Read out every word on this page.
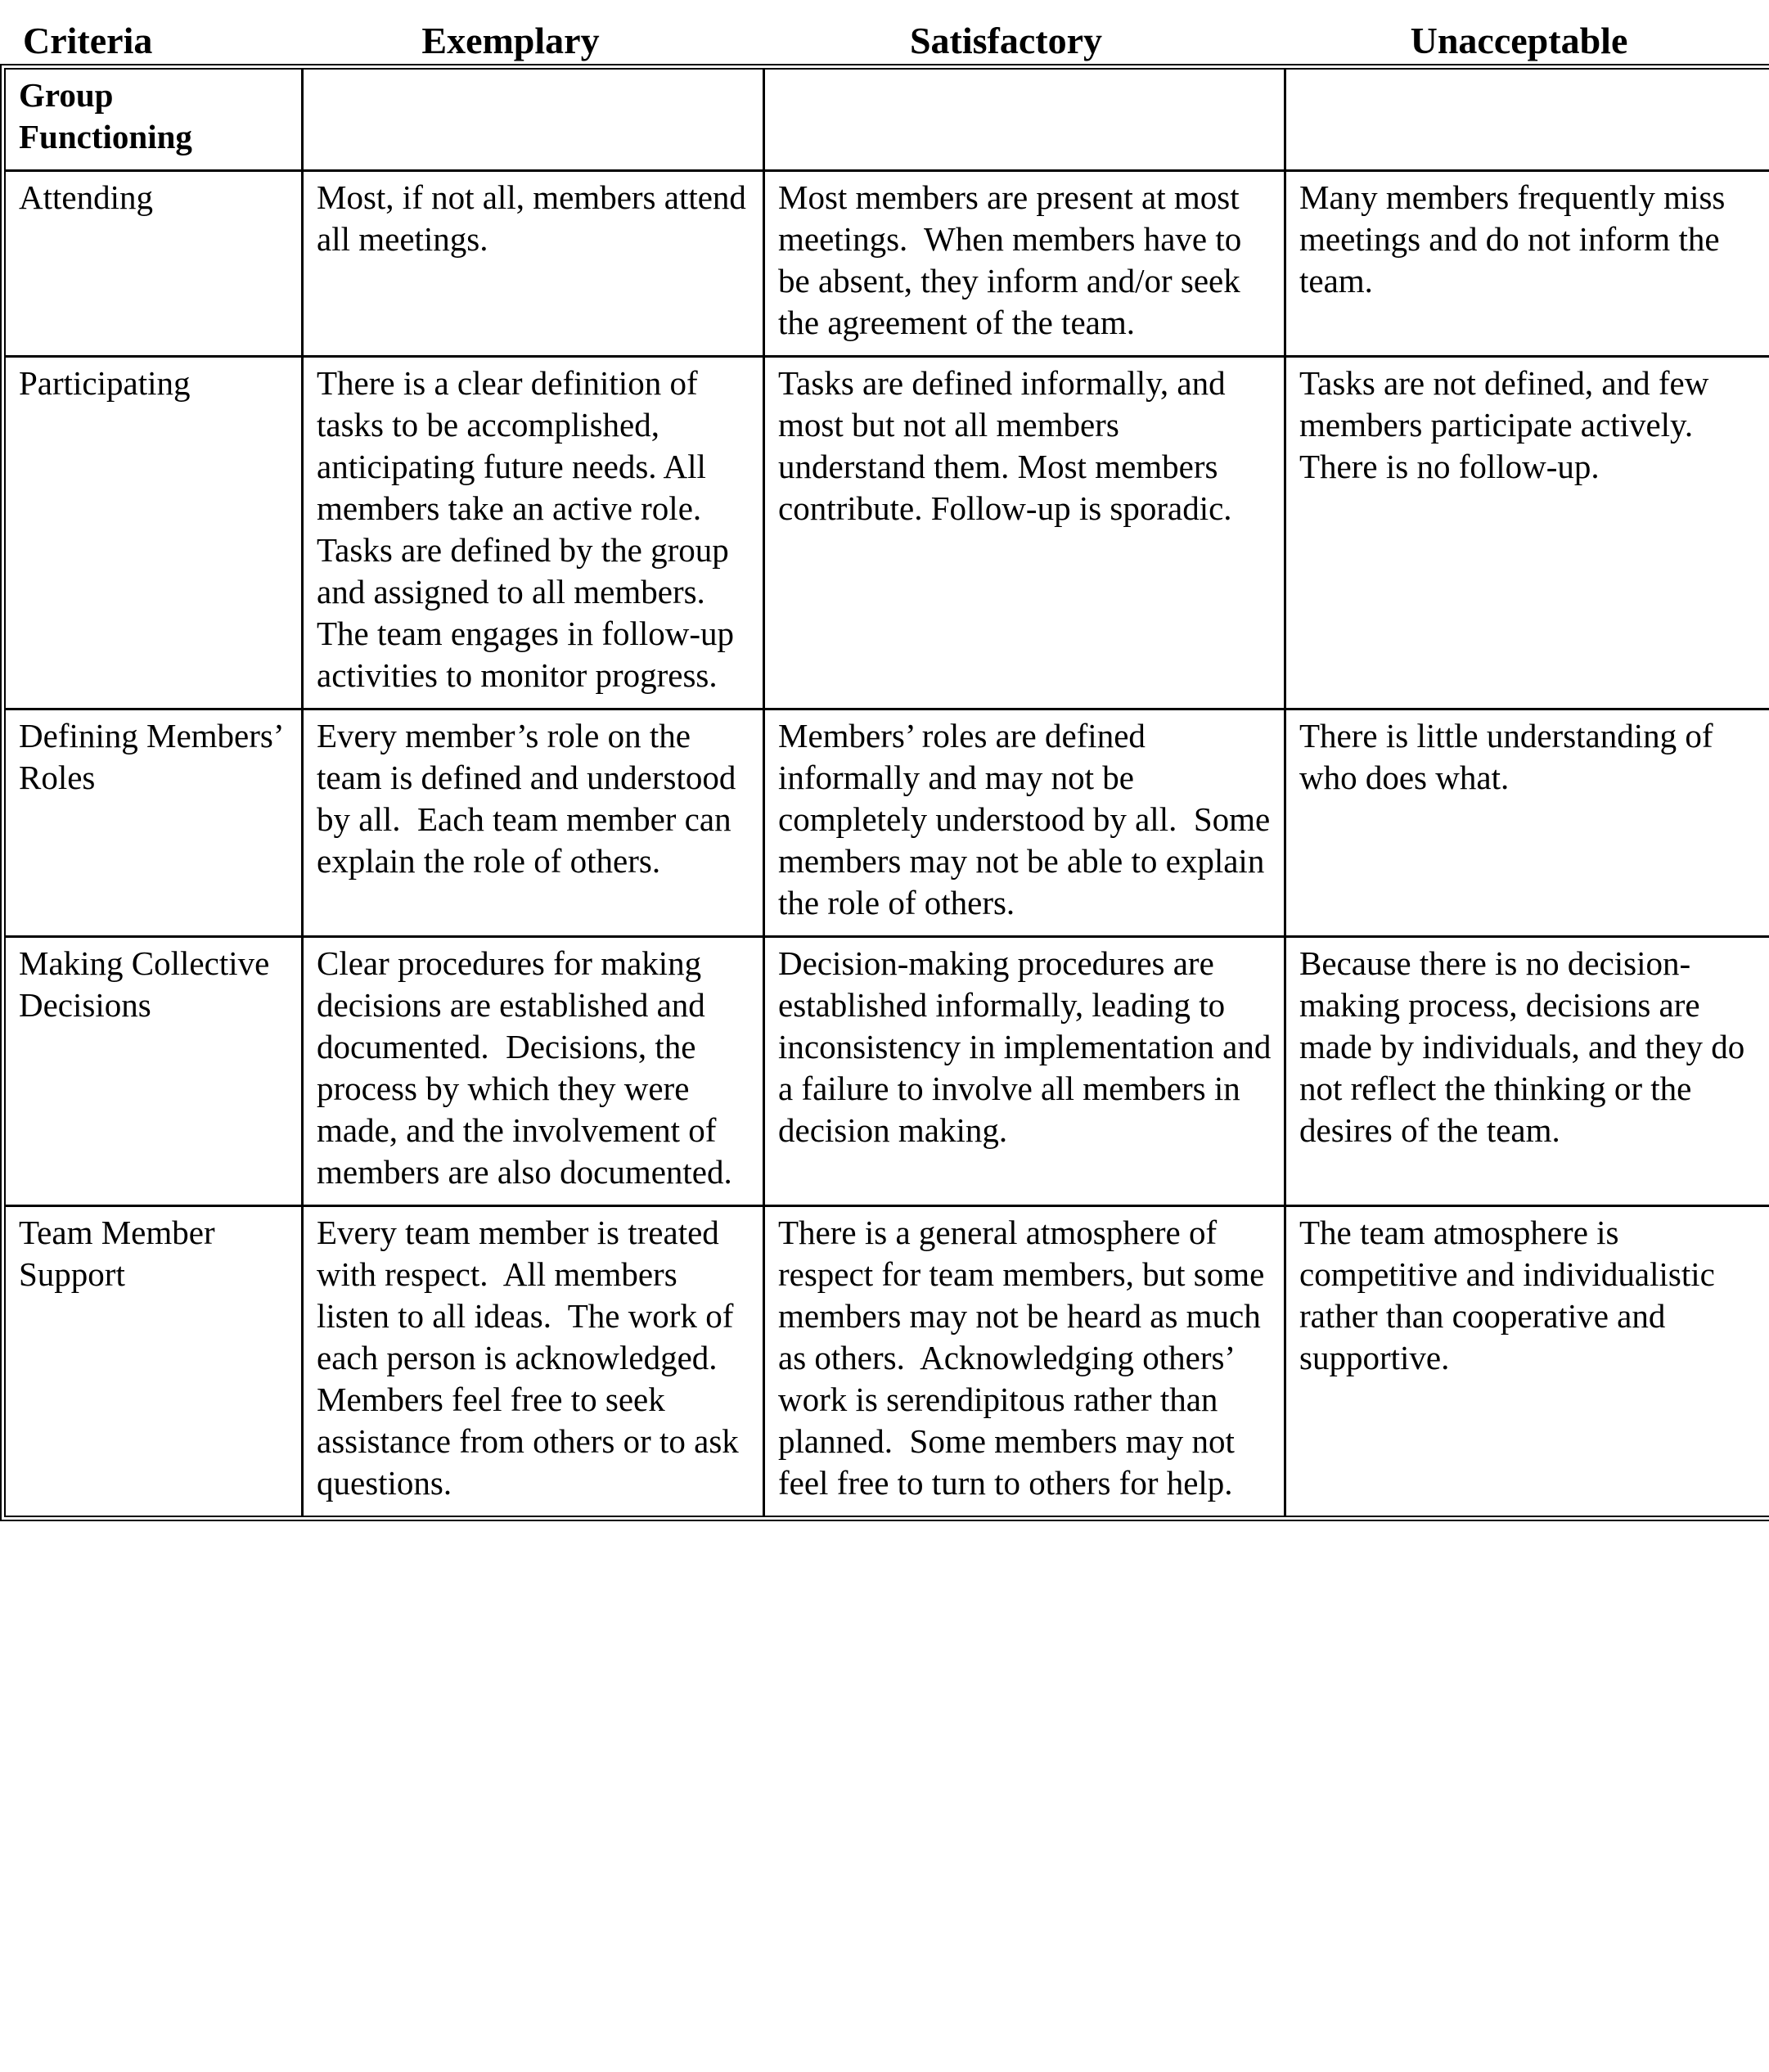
Criteria	Exemplary	Satisfactory	Unacceptable
Group Functioning			

Attending	Most, if not all, members attend all meetings.	Most members are present at most meetings.  When members have to be absent, they inform and/or seek the agreement of the team.	Many members frequently miss meetings and do not inform the team.

Participating	There is a clear definition of tasks to be accomplished, anticipating future needs. All members take an active role. Tasks are defined by the group and assigned to all members. The team engages in follow-up activities to monitor progress.	Tasks are defined informally, and most but not all members understand them. Most members contribute. Follow-up is sporadic.	Tasks are not defined, and few members participate actively. There is no follow-up.

Defining Members’ Roles	Every member’s role on the team is defined and understood by all.  Each team member can explain the role of others.	Members’ roles are defined informally and may not be completely understood by all.  Some members may not be able to explain the role of others.	There is little understanding of who does what.

Making Collective Decisions	Clear procedures for making decisions are established and documented.  Decisions, the process by which they were made, and the involvement of members are also documented.	Decision-making procedures are established informally, leading to inconsistency in implementation and a failure to involve all members in decision making.	Because there is no decision-making process, decisions are made by individuals, and they do not reflect the thinking or the desires of the team.

Team Member Support	Every team member is treated with respect.  All members listen to all ideas.  The work of each person is acknowledged.  Members feel free to seek assistance from others or to ask questions.	There is a general atmosphere of respect for team members, but some members may not be heard as much as others.  Acknowledging others’ work is serendipitous rather than planned.  Some members may not feel free to turn to others for help.	The team atmosphere is competitive and individualistic rather than cooperative and supportive.
